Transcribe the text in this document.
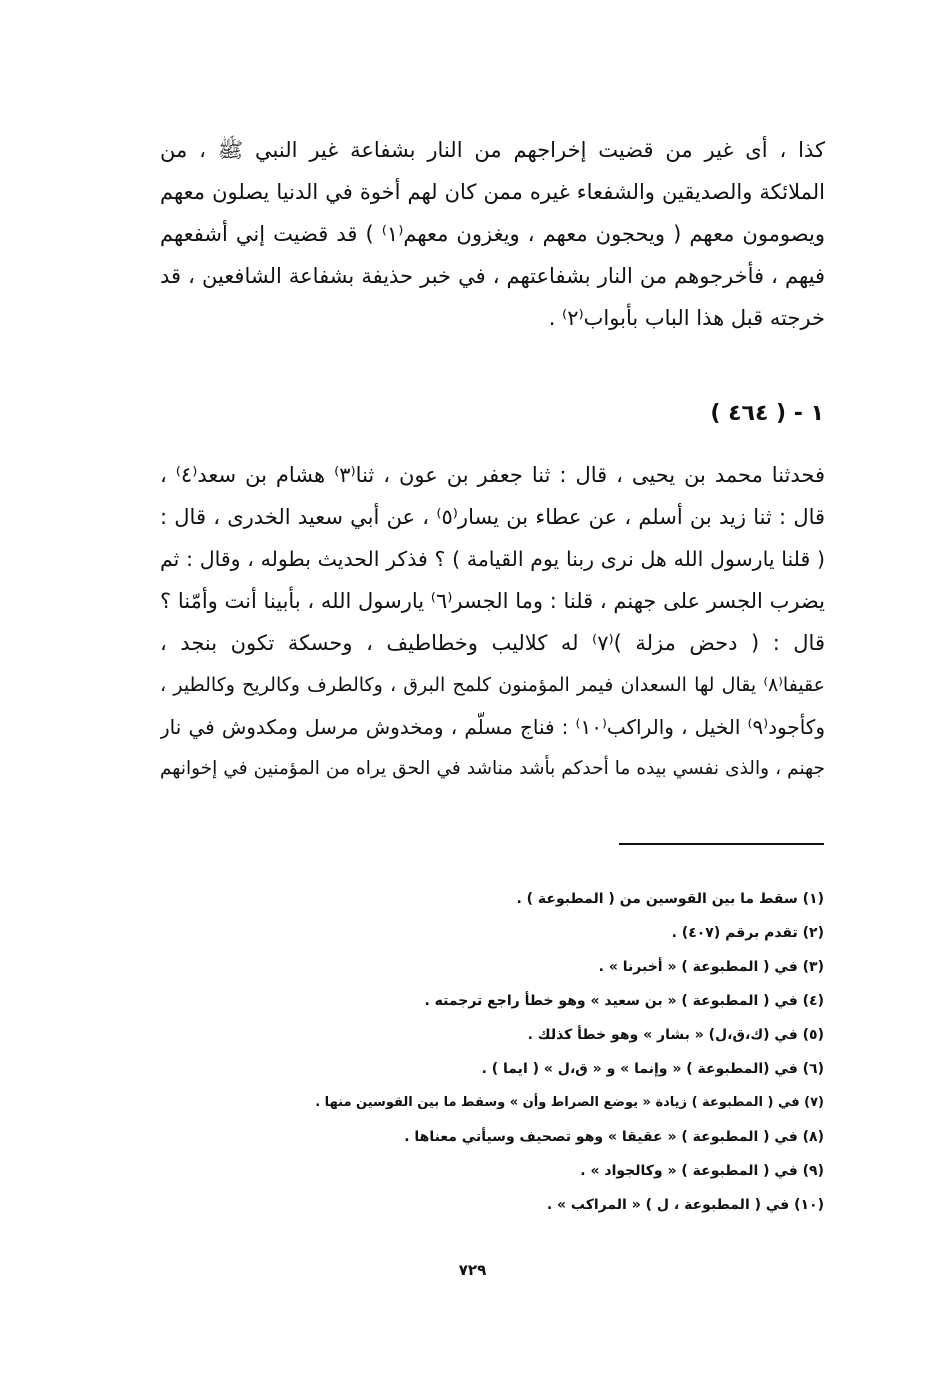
كذا ، أى غير من قضيت إخراجهم من النار بشفاعة غير النبي ﷺ ، من
الملائكة والصديقين والشفعاء غيره ممن كان لهم أخوة في الدنيا يصلون معهم
ويصومون معهم ( ويحجون معهم ، ويغزون معهم⁽١⁾ ) قد قضيت إني أشفعهم
فيهم ، فأخرجوهم من النار بشفاعتهم ، في خبر حذيفة بشفاعة الشافعين ، قد
خرجته قبل هذا الباب بأبواب⁽٢⁾ .
١ - ( ٤٦٤ )
فحدثنا محمد بن يحيى ، قال : ثنا جعفر بن عون ، ثنا⁽٣⁾ هشام بن سعد⁽٤⁾ ،
قال : ثنا زيد بن أسلم ، عن عطاء بن يسار⁽٥⁾ ، عن أبي سعيد الخدرى ، قال :
( قلنا يارسول الله هل نرى ربنا يوم القيامة ) ؟ فذكر الحديث بطوله ، وقال : ثم
يضرب الجسر على جهنم ، قلنا : وما الجسر⁽٦⁾ يارسول الله ، بأبينا أنت وأمّنا ؟
قال : ( دحض مزلة )⁽٧⁾ له كلاليب وخطاطيف ، وحسكة تكون بنجد ،
عقيفا⁽٨⁾ يقال لها السعدان فيمر المؤمنون كلمح البرق ، وكالطرف وكالريح وكالطير ،
وكأجود⁽٩⁾ الخيل ، والراكب⁽١٠⁾ : فناج مسلّم ، ومخدوش مرسل ومكدوش في نار
جهنم ، والذى نفسي بيده ما أحدكم بأشد مناشد في الحق يراه من المؤمنين في إخوانهم
(١) سقط ما بين القوسين من ( المطبوعة ) .
(٢) تقدم برقم (٤٠٧) .
(٣) في ( المطبوعة ) « أخبرنا » .
(٤) في ( المطبوعة ) « بن سعيد » وهو خطأ راجع ترجمته .
(٥) في (ك،ق،ل) « بشار » وهو خطأ كذلك .
(٦) في (المطبوعة ) « وإنما » و « ق،ل » ( ايما ) .
(٧) في ( المطبوعة ) زيادة « يوضع الصراط وأن » وسقط ما بين القوسين منها .
(٨) في ( المطبوعة ) « عقيقا » وهو تصحيف وسيأتي معناها .
(٩) في ( المطبوعة ) « وكالجواد » .
(١٠) في ( المطبوعة ، ل ) « المراكب » .
٧٢٩
